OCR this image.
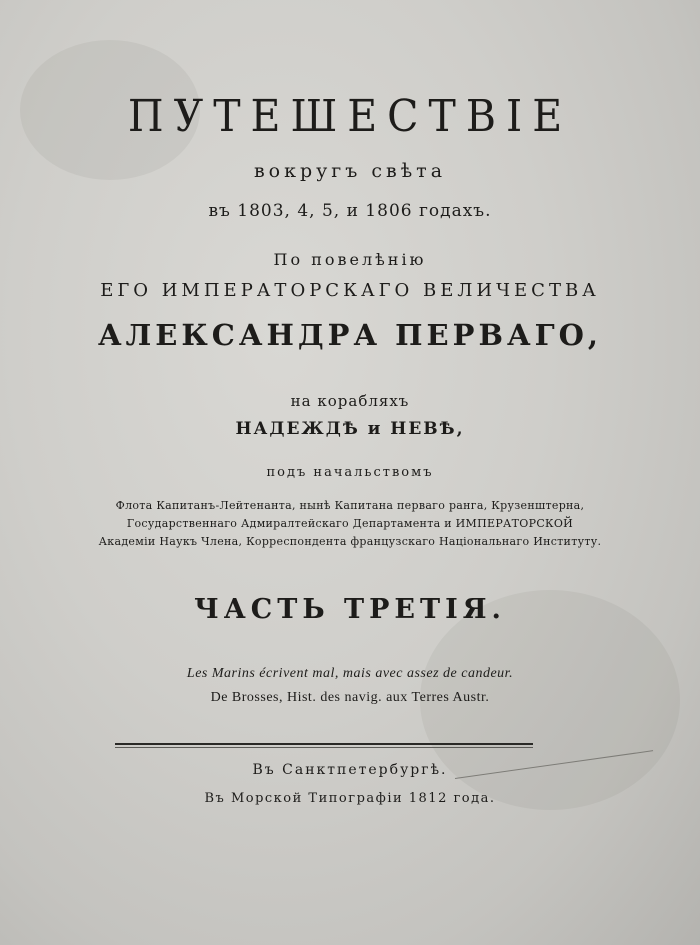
ПУТЕШЕСТВIЕ
вокругъ свѣта
въ 1803, 4, 5, и 1806 годахъ.
По повелѣнiю
ЕГО ИМПЕРАТОРСКАГО ВЕЛИЧЕСТВА
АЛЕКСАНДРА ПЕРВАГО,
на корабляхъ
НАДЕЖДѢ и НЕВѢ,
подъ начальствомъ
Флота Капитанъ-Лейтенанта, нынѣ Капитана перваго ранга, Крузенштерна,
Государственнаго Адмиралтейскаго Департамента и ИМПЕРАТОРСКОЙ
Академiи Наукъ Члена, Корреспондента французскаго Нацiональнаго Институту.
ЧАСТЬ ТРЕТIЯ.
Les Marins écrivent mal, mais avec assez de candeur.
De Brosses, Hist. des navig. aux Terres Austr.
Въ Санктпетербургѣ.
Въ Морской Типографiи 1812 года.
